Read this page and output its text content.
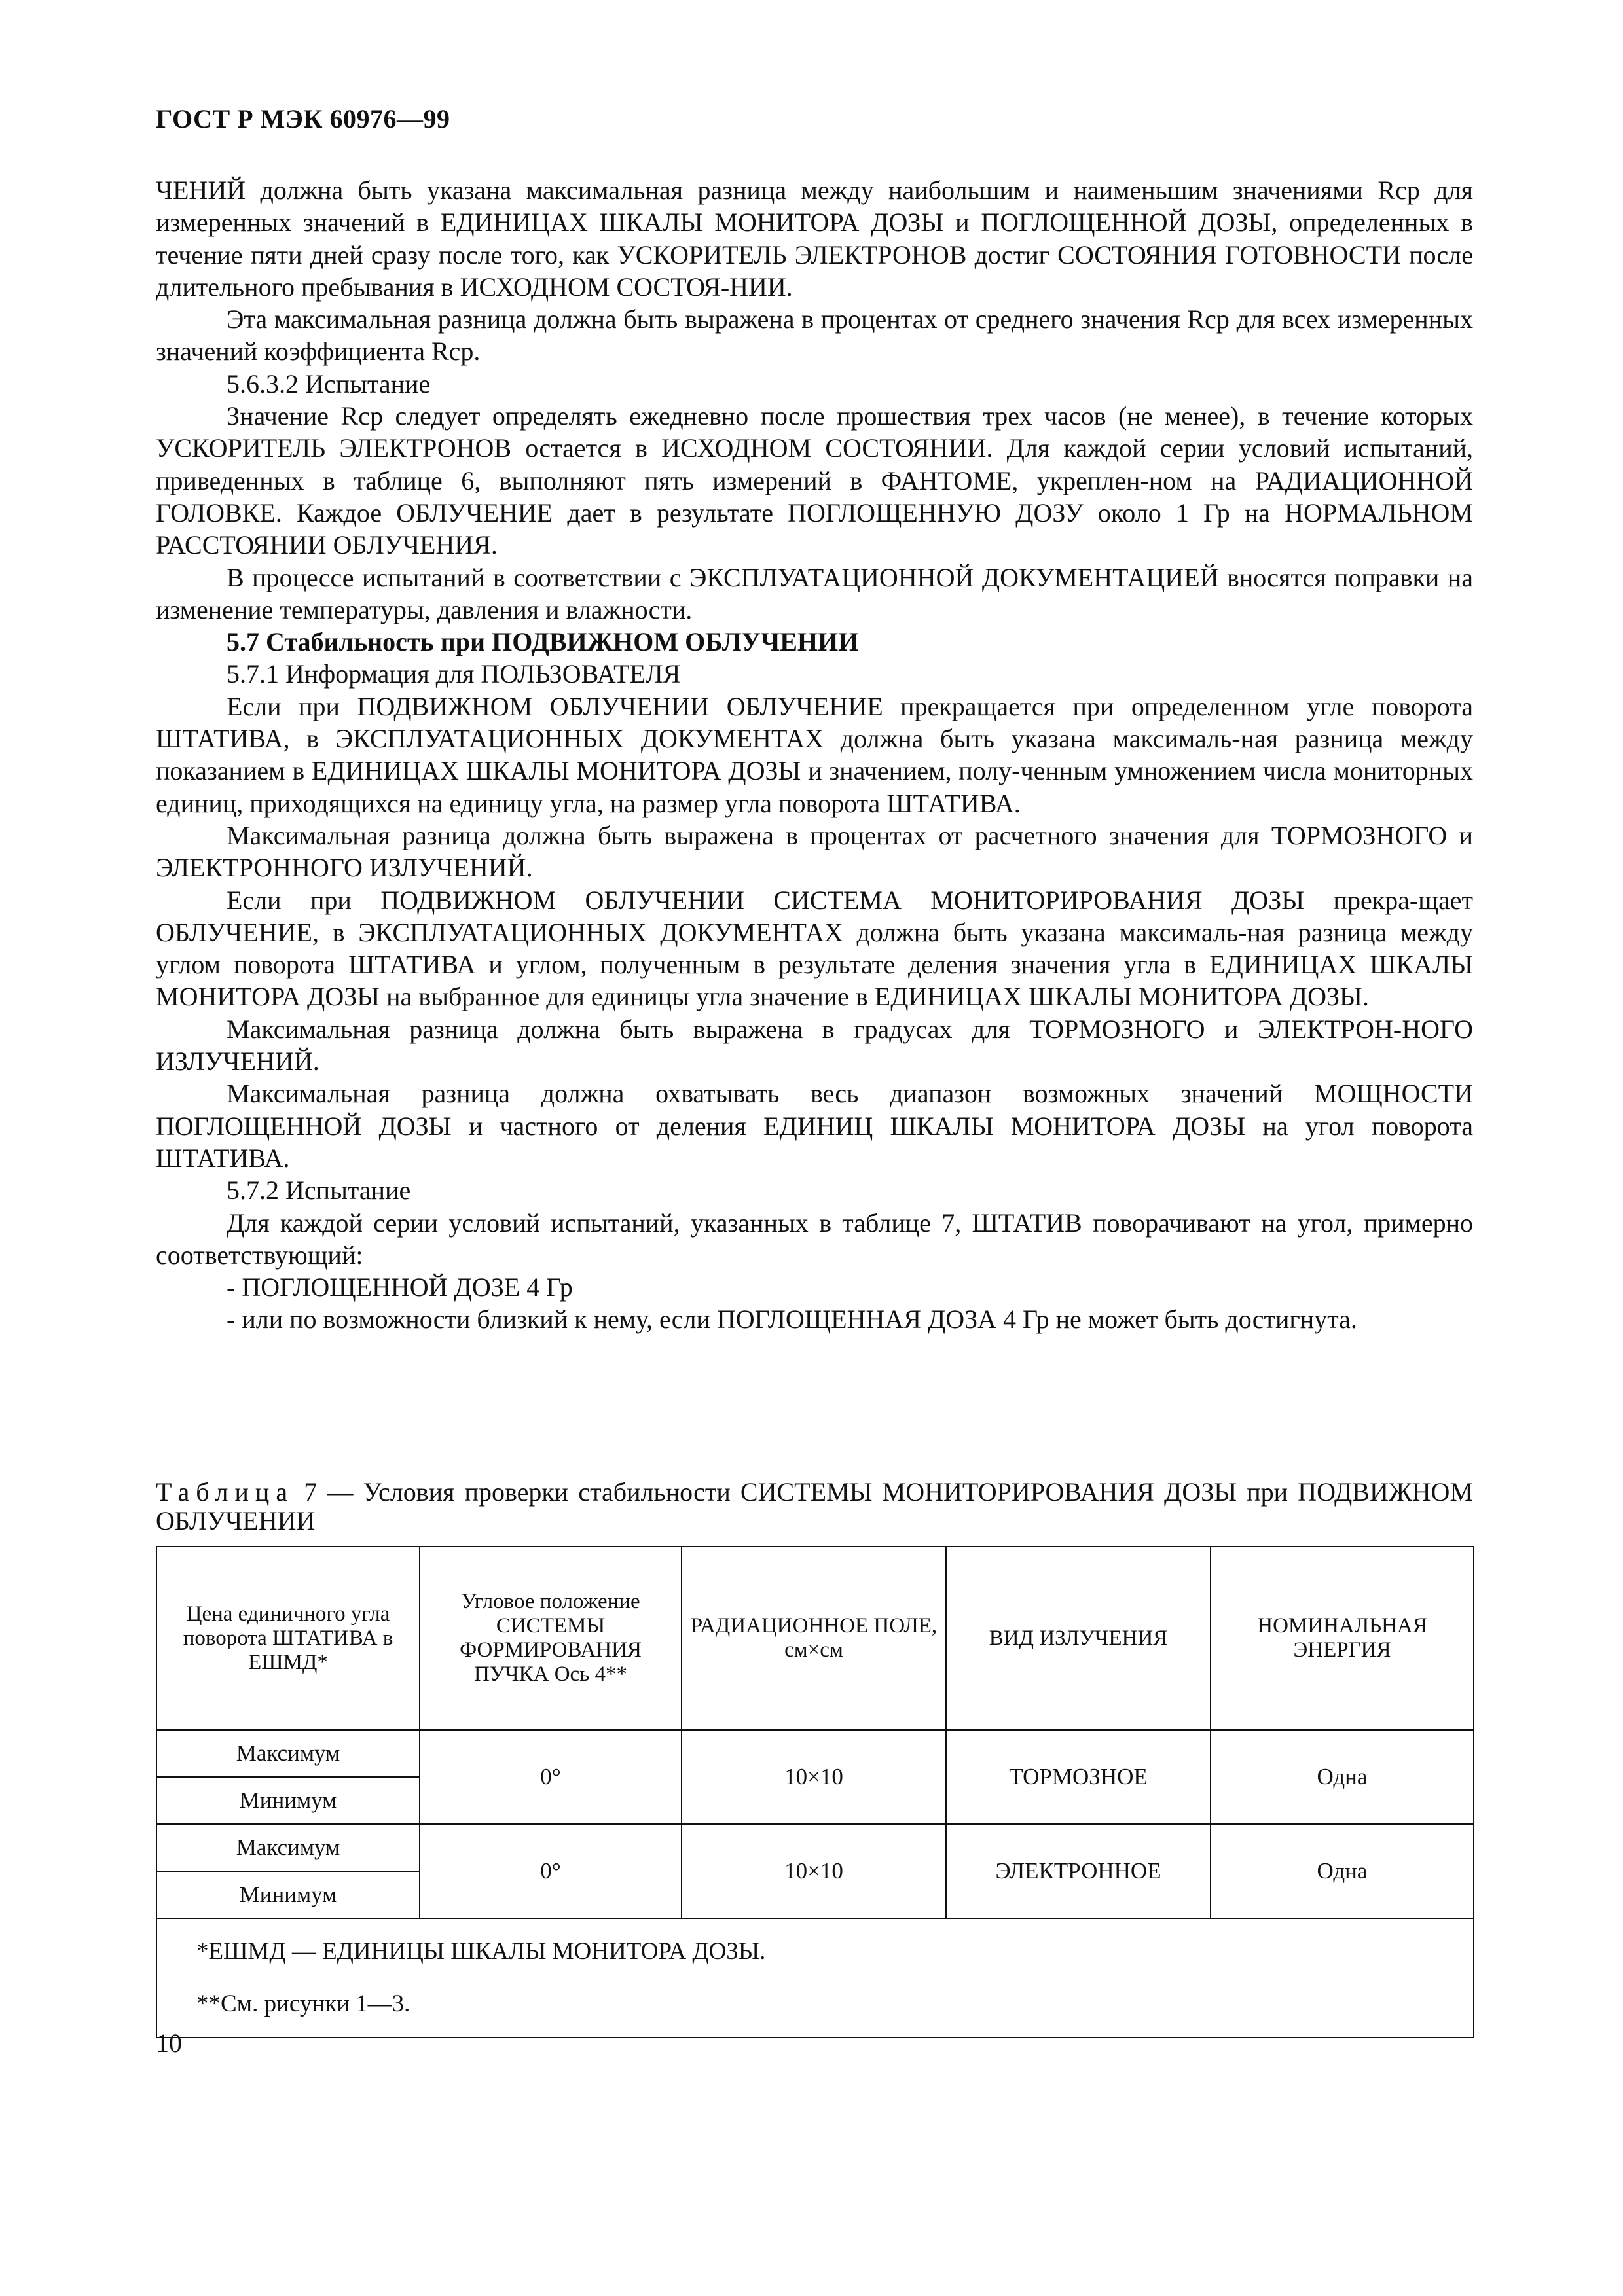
ГОСТ Р МЭК 60976—99

ЧЕНИЙ должна быть указана максимальная разница между наибольшим и наименьшим значениями Rср для измеренных значений в ЕДИНИЦАХ ШКАЛЫ МОНИТОРА ДОЗЫ и ПОГЛОЩЕННОЙ ДОЗЫ, определенных в течение пяти дней сразу после того, как УСКОРИТЕЛЬ ЭЛЕКТРОНОВ достиг СОСТОЯНИЯ ГОТОВНОСТИ после длительного пребывания в ИСХОДНОМ СОСТОЯ-НИИ.

Эта максимальная разница должна быть выражена в процентах от среднего значения Rср для всех измеренных значений коэффициента Rср.

5.6.3.2 Испытание

Значение Rср следует определять ежедневно после прошествия трех часов (не менее), в течение которых УСКОРИТЕЛЬ ЭЛЕКТРОНОВ остается в ИСХОДНОМ СОСТОЯНИИ. Для каждой серии условий испытаний, приведенных в таблице 6, выполняют пять измерений в ФАНТОМЕ, укреплен-ном на РАДИАЦИОННОЙ ГОЛОВКЕ. Каждое ОБЛУЧЕНИЕ дает в результате ПОГЛОЩЕННУЮ ДОЗУ около 1 Гр на НОРМАЛЬНОМ РАССТОЯНИИ ОБЛУЧЕНИЯ.

В процессе испытаний в соответствии с ЭКСПЛУАТАЦИОННОЙ ДОКУМЕНТАЦИЕЙ вносятся поправки на изменение температуры, давления и влажности.

5.7 Стабильность при ПОДВИЖНОМ ОБЛУЧЕНИИ

5.7.1 Информация для ПОЛЬЗОВАТЕЛЯ

Если при ПОДВИЖНОМ ОБЛУЧЕНИИ ОБЛУЧЕНИЕ прекращается при определенном угле поворота ШТАТИВА, в ЭКСПЛУАТАЦИОННЫХ ДОКУМЕНТАХ должна быть указана максималь-ная разница между показанием в ЕДИНИЦАХ ШКАЛЫ МОНИТОРА ДОЗЫ и значением, полу-ченным умножением числа мониторных единиц, приходящихся на единицу угла, на размер угла поворота ШТАТИВА.

Максимальная разница должна быть выражена в процентах от расчетного значения для ТОРМОЗНОГО и ЭЛЕКТРОННОГО ИЗЛУЧЕНИЙ.

Если при ПОДВИЖНОМ ОБЛУЧЕНИИ СИСТЕМА МОНИТОРИРОВАНИЯ ДОЗЫ прекра-щает ОБЛУЧЕНИЕ, в ЭКСПЛУАТАЦИОННЫХ ДОКУМЕНТАХ должна быть указана максималь-ная разница между углом поворота ШТАТИВА и углом, полученным в результате деления значения угла в ЕДИНИЦАХ ШКАЛЫ МОНИТОРА ДОЗЫ на выбранное для единицы угла значение в ЕДИНИЦАХ ШКАЛЫ МОНИТОРА ДОЗЫ.

Максимальная разница должна быть выражена в градусах для ТОРМОЗНОГО и ЭЛЕКТРОН-НОГО ИЗЛУЧЕНИЙ.

Максимальная разница должна охватывать весь диапазон возможных значений МОЩНОСТИ ПОГЛОЩЕННОЙ ДОЗЫ и частного от деления ЕДИНИЦ ШКАЛЫ МОНИТОРА ДОЗЫ на угол поворота ШТАТИВА.

5.7.2 Испытание

Для каждой серии условий испытаний, указанных в таблице 7, ШТАТИВ поворачивают на угол, примерно соответствующий:

- ПОГЛОЩЕННОЙ ДОЗЕ 4 Гр

- или по возможности близкий к нему, если ПОГЛОЩЕННАЯ ДОЗА 4 Гр не может быть достигнута.

Таблица 7 — Условия проверки стабильности СИСТЕМЫ МОНИТОРИРОВАНИЯ ДОЗЫ при ПОДВИЖНОМ ОБЛУЧЕНИИ
Цена единичного угла поворота ШТАТИВА в ЕШМД*	Угловое положение СИСТЕМЫ ФОРМИРОВАНИЯ ПУЧКА Ось 4**	РАДИАЦИОННОЕ ПОЛЕ, см×см	ВИД ИЗЛУЧЕНИЯ	НОМИНАЛЬНАЯ ЭНЕРГИЯ
Максимум	0°	10×10	ТОРМОЗНОЕ	Одна
Минимум				
Максимум	0°	10×10	ЭЛЕКТРОННОЕ	Одна
Минимум				

*ЕШМД — ЕДИНИЦЫ ШКАЛЫ МОНИТОРА ДОЗЫ.
**См. рисунки 1—3.				
10
